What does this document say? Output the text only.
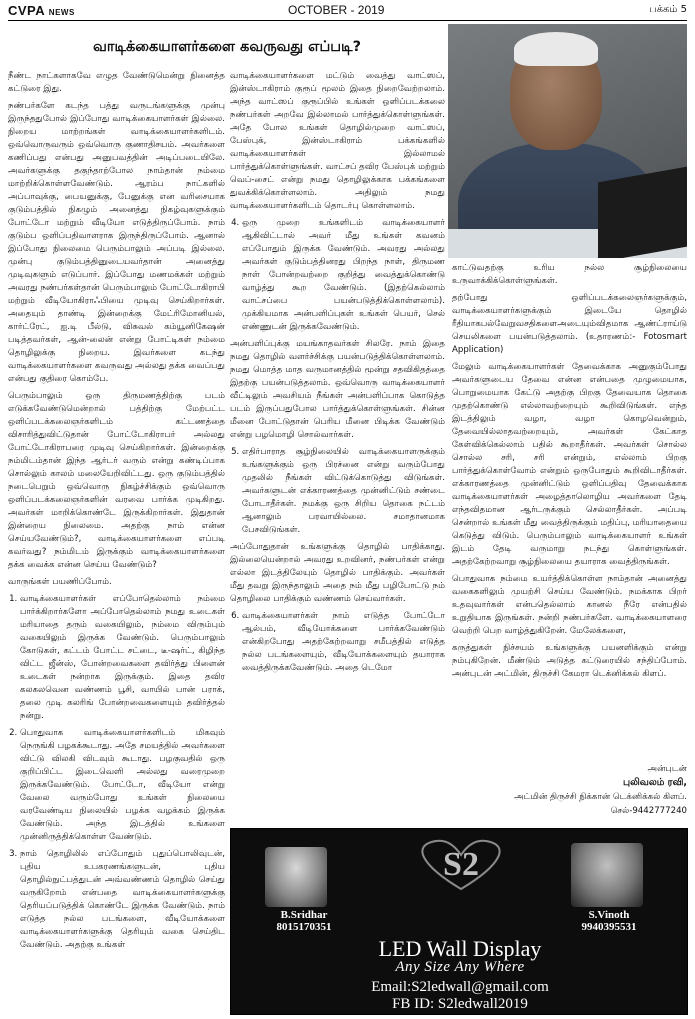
CVPA NEWS	OCTOBER - 2019	பக்கம் 5
வாடிக்கையாளர்களை கவருவது எப்படி?

நீண்ட நாட்களாகவே எழுத வேண்டுமென்று நினைத்த கட்டுரை இது.

நண்பர்களே கடந்த பத்து வருடங்களுக்கு முன்பு இருந்ததுபோல் இப்போது வாடிக்கையாளர்கள் இல்லை. நிறைய மாற்றங்கள் வாடிக்கையாளர்களிடம். ஒவ்வொருவரும் ஒவ்வொரு குணாதிசயம். அவர்களை கணிப்பது என்பது அனுபவத்தின் அடிப்படையிலே. அவர்களுக்கு தகுந்தாற்போல நாம்தான் நம்மை மாற்றிக்கொள்ளவேண்டும். ஆரம்ப நாட்களில் அப்பாவுக்கு, பையனுக்கு, பேனுக்கு என வரிசையாக குடும்பத்தில் நிகழும் அனைத்து நிகழ்வுகளுக்கும் போட்டோ மற்றும் வீடியோ எடுத்திருப்போம். நாம் குடும்ப ஒளிப்பதிவாளராக இருந்திருப்போம். ஆனால் இப்போது நிலைமை பெரும்பாலும் அப்படி இல்லை. முன்பு குடும்பத்தினுடையவர்தான் அனைத்து முடிவுகளும் எடுப்பார். இப்போது மணமக்கள் மற்றும் அவரது நண்பர்கள்தான் பெரும்பாலும் போட்டோகிராபி மற்றும் வீடியோகிராஃபியை முடிவு செய்கிறார்கள். அதையும் தாண்டி இன்றைக்கு மேட்ரிமோனியல், கார்ட்ரேட், ஐ.டி பீல்டு, விசுவல் கம்யூனிகேஷன் படித்தவர்கள், ஆன்-லைன் என்று போட்டிகள் நம்மை தொழிலுக்கு நிறைய. இவர்களை கடந்து வாடிக்கையாளர்களை கவருவது அல்லது தக்க வைப்பது என்பது குதிரை கொம்பே.

பெரும்பாலும் ஒரு திருமணத்திற்கு படம் எடுக்கவேண்டுமென்றால் பத்திற்கு மேற்பட்ட ஒளிப்படக்கலைஞர்களிடம் கட்டணத்தை விசாரித்துவிட்டுதான் போட்டோகிராபர் அல்லது போட்டோகிராபரை முடிவு செய்கிறார்கள். இன்றைக்கு நம்மிடம்தான் இந்த ஆர்டர் வரும் என்று கண்டிப்பாக சொல்லும் காலம் மலையேறிவிட்டது. ஒரு குடும்பத்தில் நடைபெறும் ஒவ்வொரு நிகழ்ச்சிக்கும் ஒவ்வொரு ஒளிப்படக்கலைஞர்களின் வரவை பார்க்க முடிகிறது. அவர்கள் மாறிக்கொண்டே இருக்கிறார்கள். இதுதான் இன்றைய நிலைமை. அதற்கு நாம் என்ன செய்யவேண்டும்?, வாடிக்கையாளர்களை எப்படி கவர்வது? நம்மிடம் இருக்கும் வாடிக்கையாளர்களை தக்க வைக்க என்ன செய்ய வேண்டும்?

வாருங்கள் பயணிப்போம்.

1. வாடிக்கையாளர்கள் எப்போதெல்லாம் நம்மை பார்க்கிறார்களோ அப்போதெல்லாம் நமது உடைகள் மரியாதை தரும் வகையிலும், நம்மை விரும்பும் வகையிலும் இருக்க வேண்டும். பெரும்பாலும் கோடுகள், கட்டம் போட்ட சட்டை, டீ-ஷர்ட், கிழிந்த விட்ட ஜீன்ஸ், போன்றவைகளை தவிர்த்து பிளைன் உடைகள் நன்றாக இருக்கும். இதை தவிர கலகலவென வண்ணம் பூசி, வாயில் பான் பராக், தலை முடி கலரிங் போன்றவைகளையும் தவிர்த்தல் நன்று.
2. பொதுவாக வாடிக்கையாளர்களிடம் மிகவும் நெருங்கி பழகக்கூடாது. அதே சமயத்தில் அவர்களை விட்டு விலகி விடவும் கூடாது. பழகுவதில் ஒரு குறிப்பிட்ட இடைவெளி அல்லது வரைமுறை இருக்கவேண்டும். போட்டோ, வீடியோ என்று வேலை வரும்போது உங்கள் நிலையை வரவேண்டிய நிலையில் பழக்க வழக்கம் இருக்க வேண்டும். அந்த இடத்தில் உங்களை முன்னிருத்திக்கொள்ள வேண்டும்.
3. நாம் தொழிலில் எப்போதும் புதுப்பொலிவுடன், புதிய உபகரணங்களுடன், புதிய தொழில்நுட்பத்துடன் அவ்வண்ணம் தொழில் செய்து வருகிறோம் என்பதை வாடிக்கையாளர்களுக்கு தெரியப்படுத்திக் கொண்டே இருக்க வேண்டும். நாம் எடுத்த நல்ல படங்களை, வீடியோக்களை வாடிக்கையாளர்களுக்கு தெரியும் வகை செய்திட வேண்டும். அதற்கு உங்கள்

வாடிக்கையாளர்களை மட்டும் வைத்து வாட்ஸப், இன்ஸ்டாகிராம் குரூப் மூலம் இதை நிறைவேற்றலாம். அந்த வாட்ஸப் குரூப்பில் உங்கள் ஒளிப்படக்கலை நண்பர்கள் அறவே இல்லாமல் பார்த்துக்கொள்ளுங்கள். அதே போல உங்கள் தொழில்முறை வாட்ஸப், பேஸ்புக், இன்ஸ்டாகிராம் பக்கங்களில் வாடிக்கையாளர்கள் இல்லாமல் பார்த்துக்கொள்ளுங்கள். வாட்சப் தவிர பேஸ்புக் மற்றும் வெப்-சைட் என்று நமது தொழிலுக்காக பக்கங்களை துவக்கிக்கொள்ளலாம். அதிலும் நமது வாடிக்கையாளர்களிடம் தொடர்பு கொள்ளலாம்.

4. ஒரு முறை உங்களிடம் வாடிக்கையாளர் ஆகிவிட்டால் அவர் மீது உங்கள் கவனம் எப்போதும் இருக்க வேண்டும். அவரது அல்லது அவர்கள் குடும்பத்தினரது பிறந்த நாள், திருமண நாள் போன்றவற்றை குறித்து வைத்துக்கொண்டு வாழ்த்து கூற வேண்டும். (இதற்கெல்லாம் வாட்சப்பை பயன்படுத்திக்கொள்ளலாம்). முக்கியமாக அன்பளிப்புகள் உங்கள் பெயர், செல் எண்ணுடன் இருக்கவேண்டும்.

அன்பளிப்புக்கு மயங்காதவர்கள் சிலரே. நாம் இதை நமது தொழில் வளர்ச்சிக்கு பயன்படுத்திக்கொள்ளலாம். நமது மொத்த மாத வருமானத்தில் மூன்று சதவிகிதத்தை இதற்கு பயன்படுத்தலாம். ஒவ்வொரு வாடிக்கையாளர் வீட்டிலும் அவசியம் நீங்கள் அன்பளிப்பாக கொடுத்த படம் இருப்பதுபோல பார்த்துக்கொள்ளுங்கள். சின்ன மீனை போட்டுதான் பெரிய மீனை பிடிக்க வேண்டும் என்று பழமொழி சொல்வார்கள்.

5. எதிர்பாராத சூழ்நிலையில் வாடிக்கையாளருக்கும் உங்களுக்கும் ஒரு பிரச்னை என்று வரும்போது முதலில் நீங்கள் விட்டுக்கொடுத்து விடுங்கள். அவர்களுடன் எக்காரணத்தை முன்னிட்டும் சண்டை போடாதீர்கள். நமக்கு ஒரு சிறிய தொகை நட்டம் ஆனாலும் பரவாயில்லை. சமாதானமாக பேசவிடுங்கள்.

அப்போதுதான் உங்களுக்கு தொழில் பாதிக்காது. இல்லையென்றால் அவரது உறவினர், நண்பர்கள் என்று எல்லா இடத்திலேயும் தொழில் பாதிக்கும். அவர்கள் மீது தவறு இருந்தாலும் அதை நம் மீது பழிபோட்டு நம் தொழிலை பாதிக்கும் வண்ணம் செய்வார்கள்.

6. வாடிக்கையாளர்கள் நாம் எடுத்த போட்டோ ஆல்பம், வீடியோக்களை பார்க்கவேண்டும் என்கிறபோது அதற்கேற்றவாறு சமீபத்தில் எடுத்த நல்ல படங்களையும், வீடியோக்களையும் தயாராக வைத்திருக்கவேண்டும். அதை டெமோ

காட்டுவதற்கு உரிய நல்ல சூழ்நிலையை உருவாக்கிக்கொள்ளுங்கள்.

தற்போது ஒளிப்படக்கலைஞர்களுக்கும், வாடிக்கையாளர்களுக்கும் இடையே தொழில் ரீதியாகபல்வேறுவசதிகளைஅடையும்விதமாக ஆண்ட்ராய்டு செயலிகளை பயன்படுத்தலாம். (உதாரணம்:- Fotosmart Application)

மேலும் வாடிக்கையாளர்கள் தேவைக்காக அனுகும்போது அவர்களுடைய தேவை என்ன என்பதை முழுமையாக, பொறுமையாக கேட்டு அதற்கு பிறகு தேவையாக தொகை முதற்கொண்டு எல்லாவற்றையும் கூறிவிடுங்கள். எந்த இடத்திலும் வழா, வழா கொழவென்றும், தேவையில்லாதவற்றையும், அவர்கள் கேட்காத கேள்விக்கெல்லாம் பதில் கூறாதீர்கள். அவர்கள் சொல்ல சொல்ல சரி, சரி என்றும், எல்லாம் பிறகு பார்த்துக்கொள்வோம் என்றும் ஒருபோதும் கூறிவிடாதீர்கள். எக்காரணத்தை முன்னிட்டும் ஒளிப்பதிவு தேவைக்காக வாடிக்கையாளர்கள் அழைத்தாலொழிய அவர்களை தேடி எந்தவிதமான ஆர்டருக்கும் செல்லாதீர்கள். அப்படி சென்றால் உங்கள் மீது வைத்திருக்கும் மதிப்பு, மரியாதையை கெடுத்து விடும். பெரும்பாலும் வாடிக்கையாளர் உங்கள் இடம் தேடி வருமாறு நடந்து கொள்ளுங்கள். அதற்கேற்றவாறு சூழ்நிலையை தயாராக வைத்திருங்கள்.

பொதுவாக நம்மை உயர்த்திக்கொள்ள நாம்தான் அனைத்து வகைகளிலும் முயற்சி செய்ய வேண்டும். நமக்காக பிறர் உதவுவார்கள் என்பதெல்லாம் கானல் நீரே என்பதில் உறுதியாக இருங்கள். நன்றி நண்பர்களே. வாடிக்கையாளரை வெற்றி பெற வாழ்த்துகிறேன். மேலேக்களை,

கருத்துகள் நிச்சயம் உங்களுக்கு பயனளிக்கும் என்று நம்புகிறேன். மீண்டும் அடுத்த கட்டுரையில் சந்திப்போம். அன்புடன் அட்மின், திருச்சி கேமரா டெக்னிக்கல் கிளப்.

அன்புடன்
புலிவலம் ரவி,
அட்மின் திருச்சி நிக்கான் டெக்னிக்கல் கிளப்.
செல்-9442777240
S2
B.Sridhar
8015170351
S.Vinoth
9940395531
LED Wall Display
Any Size Any Where
Email:S2ledwall@gmail.com
FB ID: S2ledwall2019
